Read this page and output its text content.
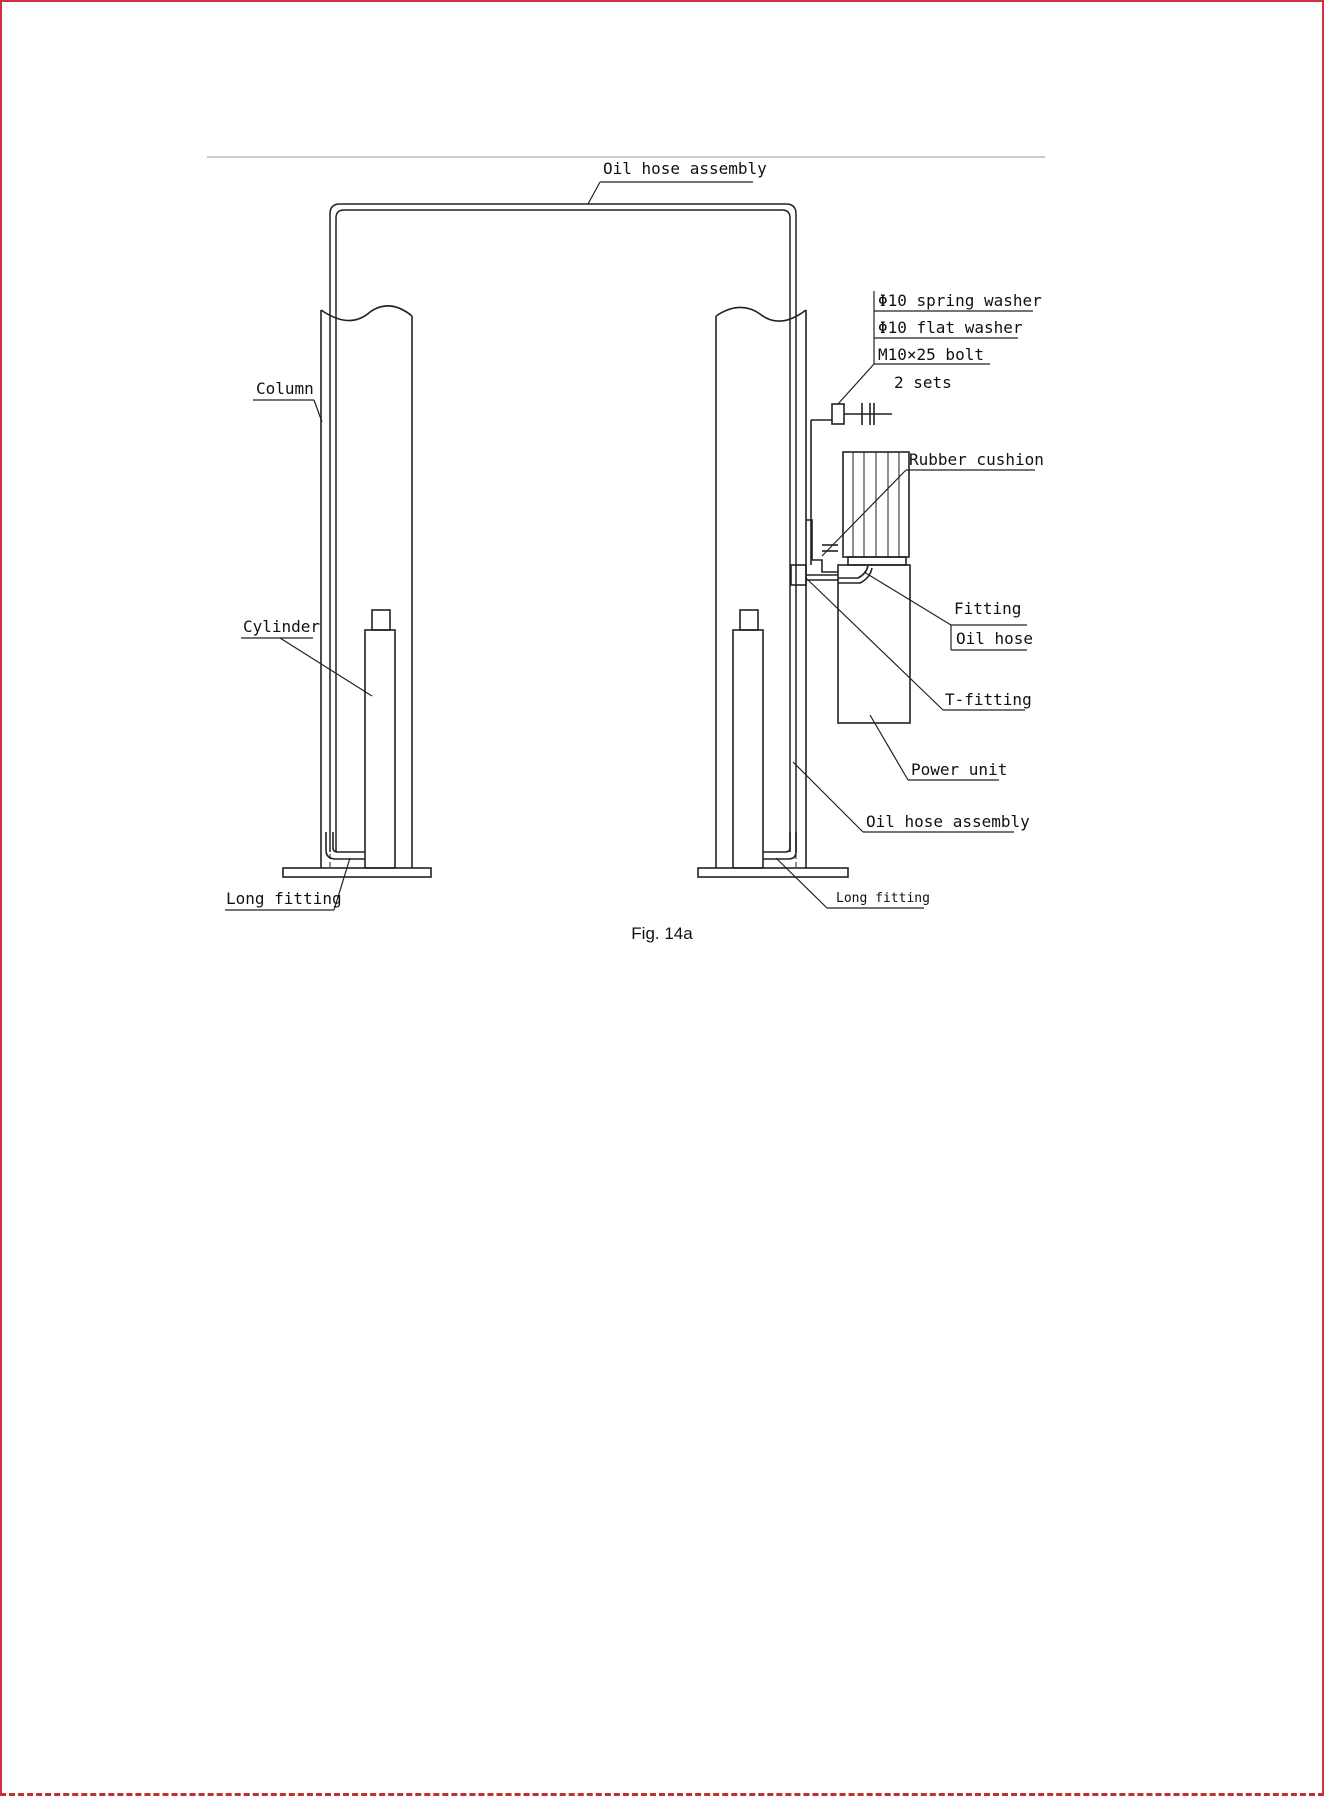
Oil hose assembly
Column
Cylinder
Long fitting	Long fitting
Φ10 spring washer
Φ10 flat washer
M10×25 bolt
2 sets
Rubber cushion
Fitting
Oil hose
T-fitting
Power unit
Oil hose assembly
Fig. 14a
